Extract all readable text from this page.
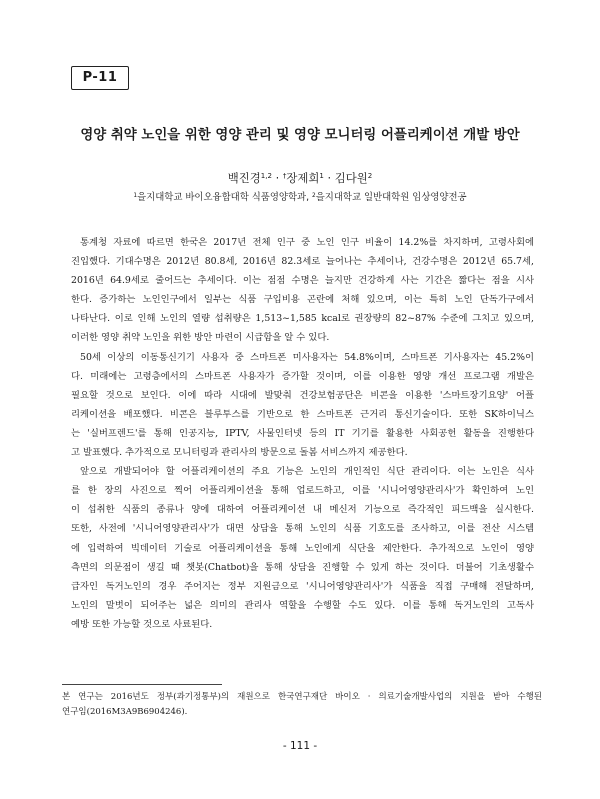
P-11
영양 취약 노인을 위한 영양 관리 및 영양 모니터링 어플리케이션 개발 방안
백진경$^{1,2}$ · †장제희$^1$ · 김다원$^2$
$^1$을지대학교 바이오융합대학 식품영양학과, $^2$을지대학교 일반대학원 임상영양전공

통계청 자료에 따르면 한국은 2017년 전체 인구 중 노인 인구 비율이 14.2%를 차지하며, 고령사회에
진입했다. 기대수명은 2012년 80.8세, 2016년 82.3세로 늘어나는 추세이나, 건강수명은 2012년 65.7세,
2016년 64.9세로 줄어드는 추세이다. 이는 점점 수명은 늘지만 건강하게 사는 기간은 짧다는 점을 시사
한다. 증가하는 노인인구에서 일부는 식품 구입비용 곤란에 처해 있으며, 이는 특히 노인 단독가구에서
나타난다. 이로 인해 노인의 열량 섭취량은 1,513~1,585 kcal로 권장량의 82~87% 수준에 그치고 있으며,
이러한 영양 취약 노인을 위한 방안 마련이 시급함을 알 수 있다.

50세 이상의 이동통신기기 사용자 중 스마트폰 미사용자는 54.8%이며, 스마트폰 기사용자는 45.2%이
다. 미래에는 고령층에서의 스마트폰 사용자가 증가할 것이며, 이를 이용한 영양 개선 프로그램 개발은
필요할 것으로 보인다. 이에 따라 시대에 발맞춰 건강보험공단은 비콘을 이용한 '스마트장기요양' 어플
리케이션을 배포했다. 비콘은 블루투스를 기반으로 한 스마트폰 근거리 통신기술이다. 또한 SK하이닉스
는 '실버프렌드'를 통해 인공지능, IPTV, 사물인터넷 등의 IT 기기를 활용한 사회공헌 활동을 진행한다
고 발표했다. 추가적으로 모니터링과 관리사의 방문으로 돌봄 서비스까지 제공한다.

앞으로 개발되어야 할 어플리케이션의 주요 기능은 노인의 개인적인 식단 관리이다. 이는 노인은 식사
를 한 장의 사진으로 찍어 어플리케이션을 통해 업로드하고, 이를 '시니어영양관리사'가 확인하여 노인
이 섭취한 식품의 종류나 양에 대하여 어플리케이션 내 메신저 기능으로 즉각적인 피드백을 실시한다.
또한, 사전에 '시니어영양관리사'가 대면 상담을 통해 노인의 식품 기호도를 조사하고, 이를 전산 시스템
에 입력하여 빅데이터 기술로 어플리케이션을 통해 노인에게 식단을 제안한다. 추가적으로 노인이 영양
측면의 의문점이 생길 때 챗봇(Chatbot)을 통해 상담을 진행할 수 있게 하는 것이다. 더불어 기초생활수
급자인 독거노인의 경우 주어지는 정부 지원금으로 '시니어영양관리사'가 식품을 직접 구매해 전달하며,
노인의 말벗이 되어주는 넓은 의미의 관리사 역할을 수행할 수도 있다. 이를 통해 독거노인의 고독사
예방 또한 가능할 것으로 사료된다.

본 연구는 2016년도 정부(과기정통부)의 재원으로 한국연구재단 바이오 · 의료기술개발사업의 지원을 받아 수행된
연구임(2016M3A9B6904246).
- 111 -
